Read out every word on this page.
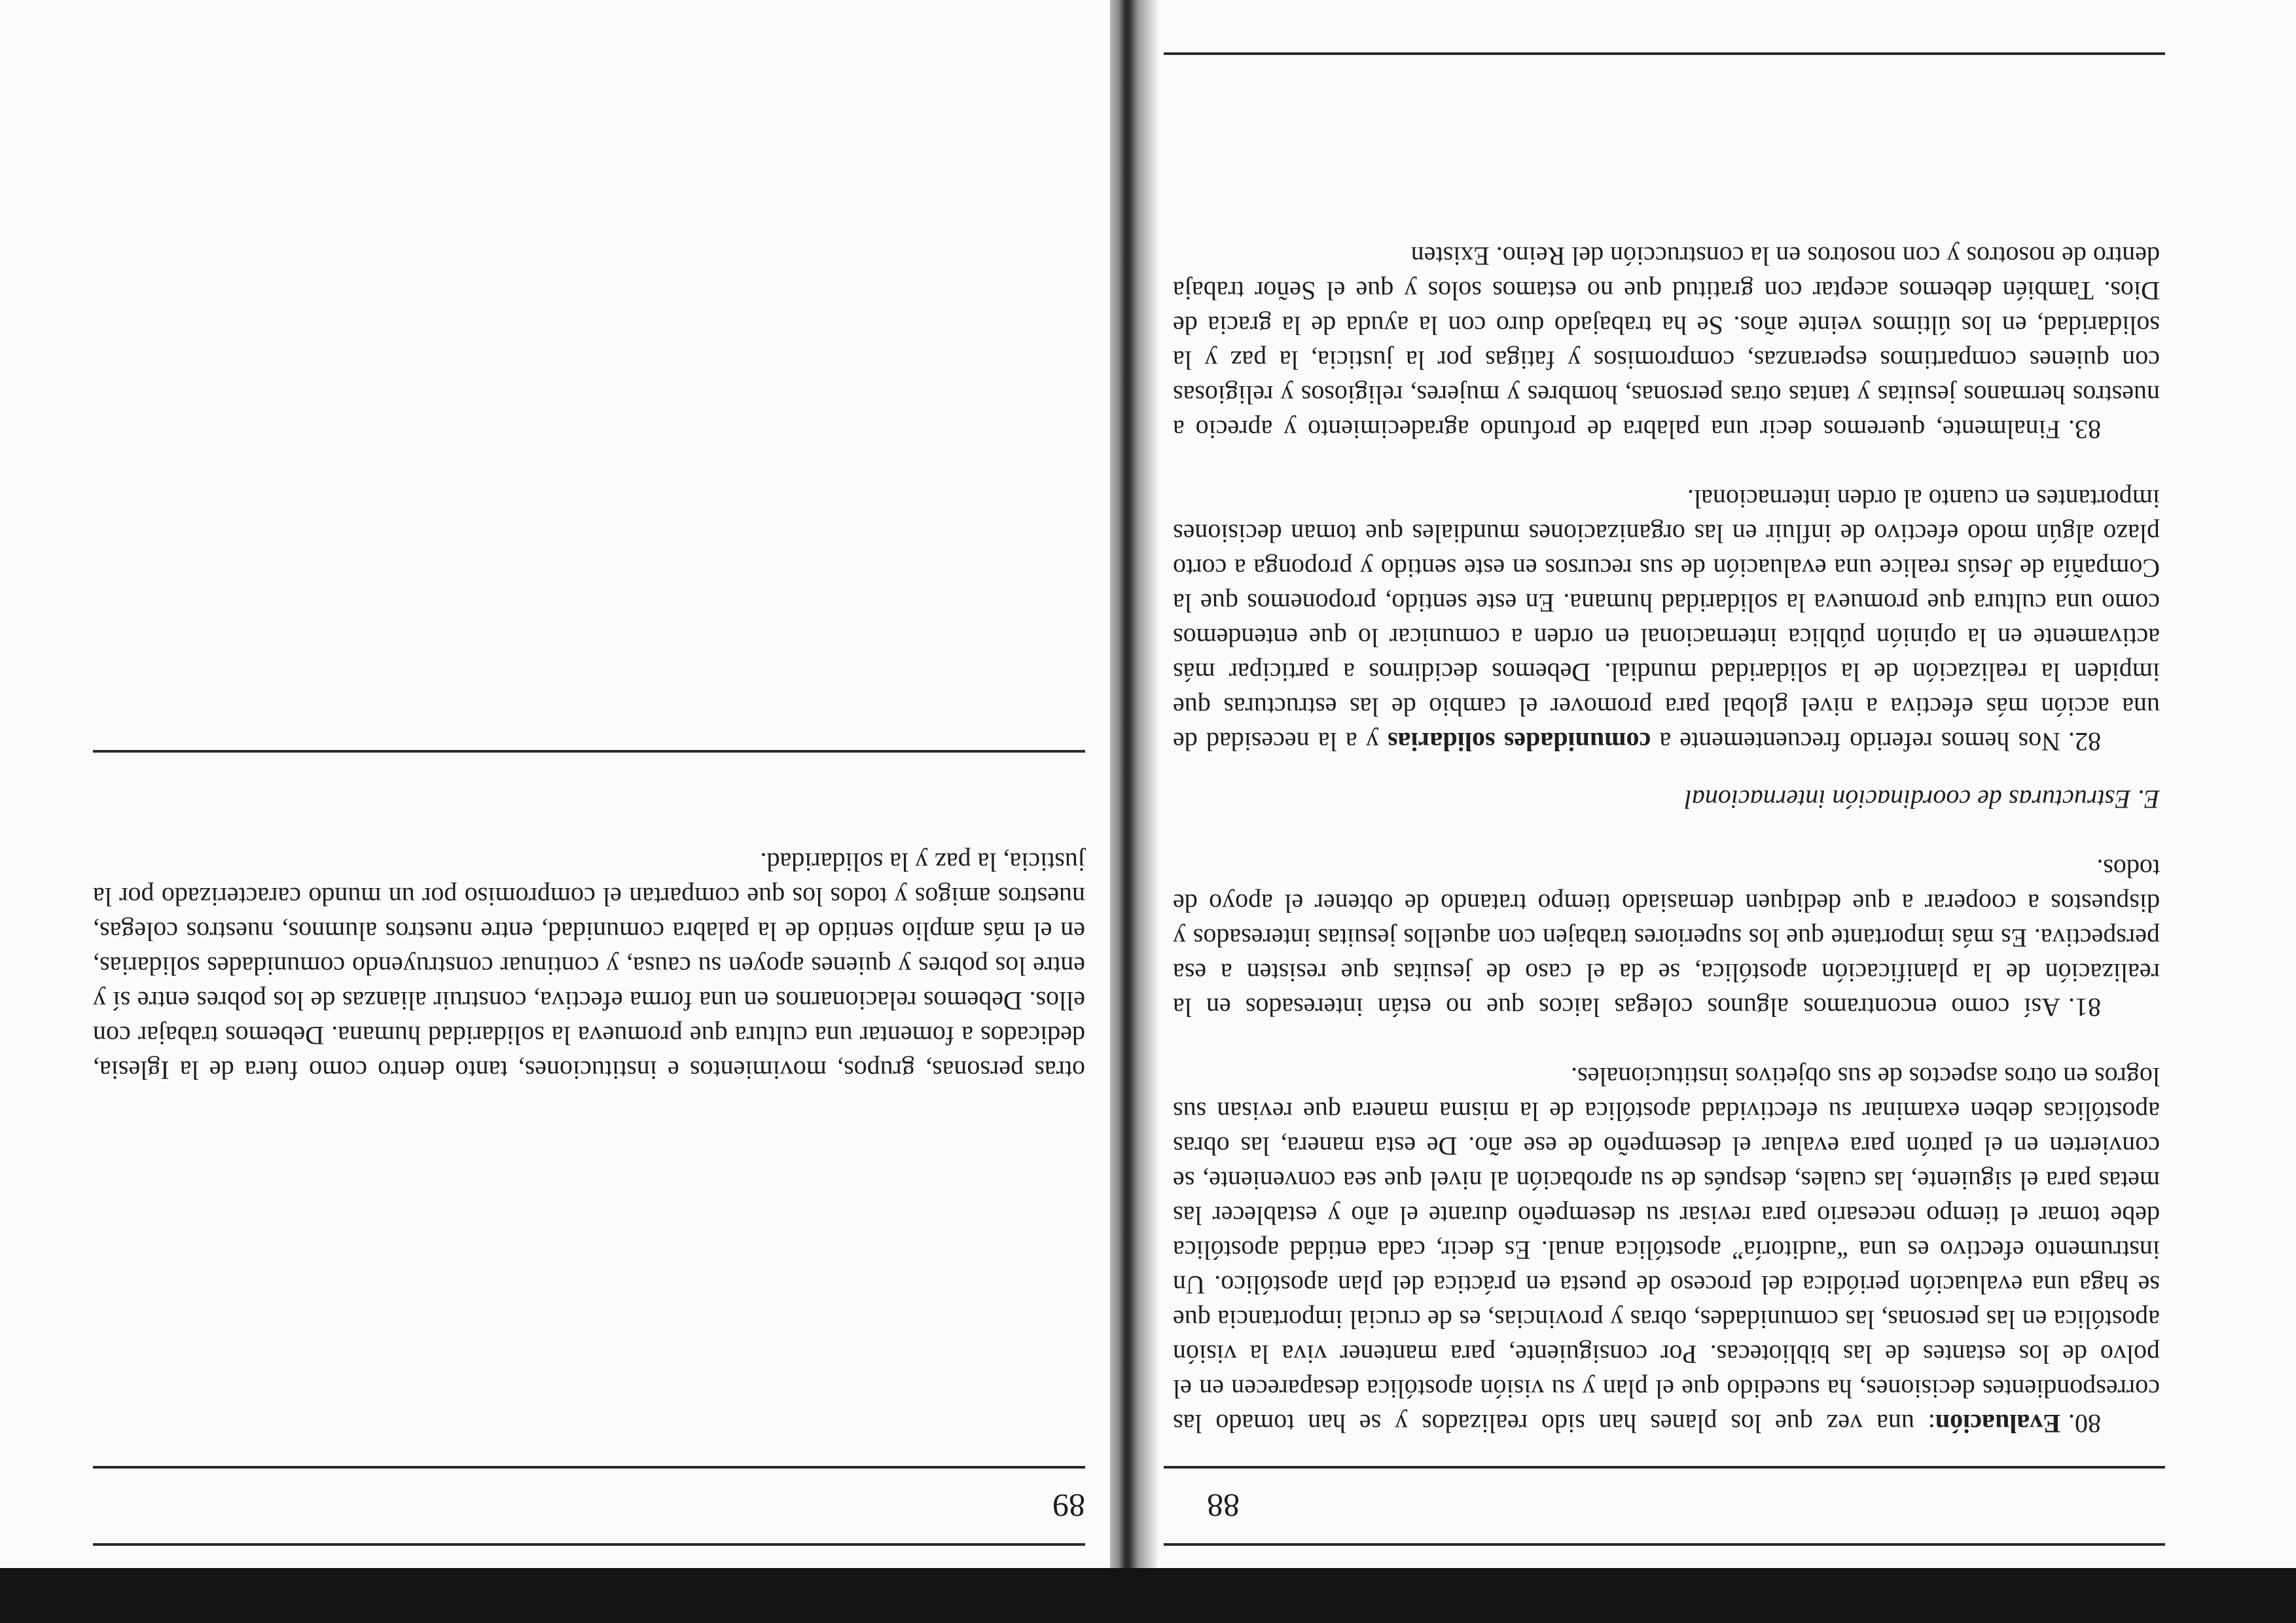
88

80.Evaluación: una vez que los planes han sido realizados y se han tomado las correspondientes decisiones, ha sucedido que el plan y su visión apostólica desaparecen en el polvo de los estantes de las bibliotecas. Por consiguiente, para mantener viva la visión apostólica en las personas, las comunidades, obras y provincias, es de crucial importancia que se haga una evaluación periódica del proceso de puesta en práctica del plan apostólico. Un instrumento efectivo es una “auditoría” apostólica anual. Es decir, cada entidad apostólica debe tomar el tiempo necesario para revisar su desempeño durante el año y establecer las metas para el siguiente, las cuales, después de su aprobación al nivel que sea conveniente, se convierten en el patrón para evaluar el desempeño de ese año. De esta manera, las obras apostólicas deben examinar su efectividad apostólica de la misma manera que revisan sus logros en otros aspectos de sus objetivos institucionales.

81.Así como encontramos algunos colegas laicos que no están interesados en la realización de la planificación apostólica, se da el caso de jesuitas que resisten a esa perspectiva. Es más importante que los superiores trabajen con aquellos jesuitas interesados y dispuestos a cooperar a que dediquen demasiado tiempo tratando de obtener el apoyo de todos.

E. Estructuras de coordinación internacional

82.Nos hemos referido frecuentemente a comunidades solidarias y a la necesidad de una acción más efectiva a nivel global para promover el cambio de las estructuras que impiden la realización de la solidaridad mundial. Debemos decidirnos a participar más activamente en la opinión pública internacional en orden a comunicar lo que entendemos como una cultura que promueva la solidaridad humana. En este sentido, proponemos que la Compañía de Jesús realice una evaluación de sus recursos en este sentido y proponga a corto plazo algún modo efectivo de influir en las organizaciones mundiales que toman decisiones importantes en cuanto al orden internacional.

83.Finalmente, queremos decir una palabra de profundo agradecimiento y aprecio a nuestros hermanos jesuitas y tantas otras personas, hombres y mujeres, religiosos y religiosas con quienes compartimos esperanzas, compromisos y fatigas por la justicia, la paz y la solidaridad, en los últimos veinte años. Se ha trabajado duro con la ayuda de la gracia de Dios. También debemos aceptar con gratitud que no estamos solos y que el Señor trabaja dentro de nosotros y con nosotros en la construcción del Reino. Existen

89

otras personas, grupos, movimientos e instituciones, tanto dentro como fuera de la Iglesia, dedicados a fomentar una cultura que promueva la solidaridad humana. Debemos trabajar con ellos. Debemos relacionarnos en una forma efectiva, construir alianzas de los pobres entre sí y entre los pobres y quienes apoyen su causa, y continuar construyendo comunidades solidarias, en el más amplio sentido de la palabra comunidad, entre nuestros alumnos, nuestros colegas, nuestros amigos y todos los que compartan el compromiso por un mundo caracterizado por la justicia, la paz y la solidaridad.
